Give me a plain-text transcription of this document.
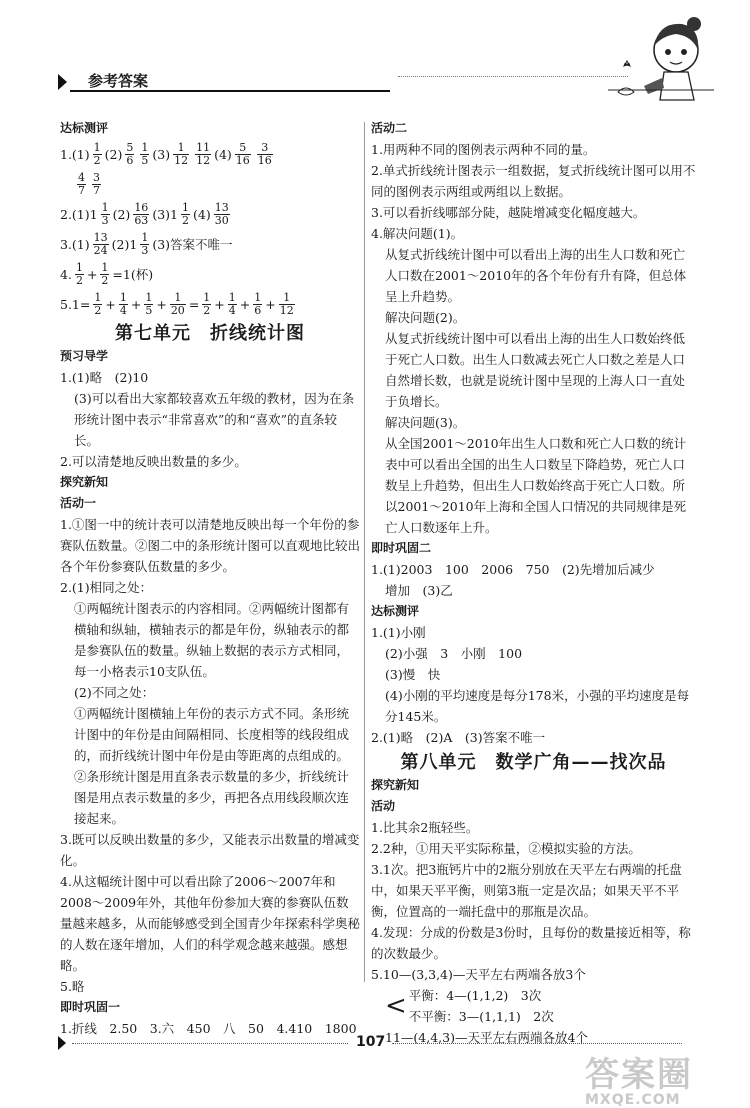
参考答案
达标测评
$1.(1) \frac{1}{2} (2) \frac{5}{6} \frac{1}{5} (3) \frac{1}{12} \frac{11}{12} (4) \frac{5}{16} \frac{3}{16}$
$\frac{4}{7} \frac{3}{7}$
$2.(1)1 \frac{1}{3} (2) \frac{16}{63} (3)1 \frac{1}{2} (4) \frac{13}{30}$
$3.(1) \frac{13}{24} (2)1 \frac{1}{3} (3)$答案不唯一
4. $\frac{1}{2} + \frac{1}{2} =1$(杯)
$5.1= \frac{1}{2} + \frac{1}{4} + \frac{1}{5} + \frac{1}{20} = \frac{1}{2} + \frac{1}{4} + \frac{1}{6} + \frac{1}{12}$
第七单元　折线统计图
预习导学

1.(1)略　(2)10

(3)可以看出大家都较喜欢五年级的教材，因为在条形统计图中表示“非常喜欢”的和“喜欢”的直条较长。

2.可以清楚地反映出数量的多少。

探究新知
活动一

1.①图一中的统计表可以清楚地反映出每一个年份的参赛队伍数量。②图二中的条形统计图可以直观地比较出各个年份参赛队伍数量的多少。

2.(1)相同之处：

①两幅统计图表示的内容相同。②两幅统计图都有横轴和纵轴，横轴表示的都是年份，纵轴表示的都是参赛队伍的数量。纵轴上数据的表示方式相同，每一小格表示10支队伍。

(2)不同之处：

①两幅统计图横轴上年份的表示方式不同。条形统计图中的年份是由间隔相同、长度相等的线段组成的，而折线统计图中年份是由等距离的点组成的。②条形统计图是用直条表示数量的多少，折线统计图是用点表示数量的多少，再把各点用线段顺次连接起来。

3.既可以反映出数量的多少，又能表示出数量的增减变化。

4.从这幅统计图中可以看出除了2006～2007年和2008～2009年外，其他年份参加大赛的参赛队伍数量越来越多，从而能够感受到全国青少年探索科学奥秘的人数在逐年增加，人们的科学观念越来越强。感想略。

5.略

即时巩固一

1.折线　2.50　3.六　450　八　50　4.410　1800

活动二

1.用两种不同的图例表示两种不同的量。

2.单式折线统计图表示一组数据，复式折线统计图可以用不同的图例表示两组或两组以上数据。

3.可以看折线哪部分陡，越陡增减变化幅度越大。

4.解决问题(1)。

从复式折线统计图中可以看出上海的出生人口数和死亡人口数在2001～2010年的各个年份有升有降，但总体呈上升趋势。

解决问题(2)。

从复式折线统计图中可以看出上海的出生人口数始终低于死亡人口数。出生人口数减去死亡人口数之差是人口自然增长数，也就是说统计图中呈现的上海人口一直处于负增长。

解决问题(3)。

从全国2001～2010年出生人口数和死亡人口数的统计表中可以看出全国的出生人口数呈下降趋势，死亡人口数呈上升趋势，但出生人口数始终高于死亡人口数。所以2001～2010年上海和全国人口情况的共同规律是死亡人口数逐年上升。

即时巩固二

1.(1)2003　100　2006　750　(2)先增加后减少

增加　(3)乙

达标测评

1.(1)小刚

(2)小强　3　小刚　100

(3)慢　快

(4)小刚的平均速度是每分178米，小强的平均速度是每分145米。

2.(1)略　(2)A　(3)答案不唯一

第八单元　数学广角——找次品
探究新知
活动

1.比其余2瓶轻些。

2.2种，①用天平实际称量，②模拟实验的方法。

3.1次。把3瓶钙片中的2瓶分别放在天平左右两端的托盘中，如果天平平衡，则第3瓶一定是次品；如果天平不平衡，位置高的一端托盘中的那瓶是次品。

4.发现：分成的份数是3份时，且每份的数量接近相等，称的次数最少。

5.10—(3,3,4)—天平左右两端各放3个

< 平衡：4—(1,1,2)　3次

不平衡：3—(1,1,1)　2次

11—(4,4,3)—天平左右两端各放4个

107
答案圈
MXQE.COM
